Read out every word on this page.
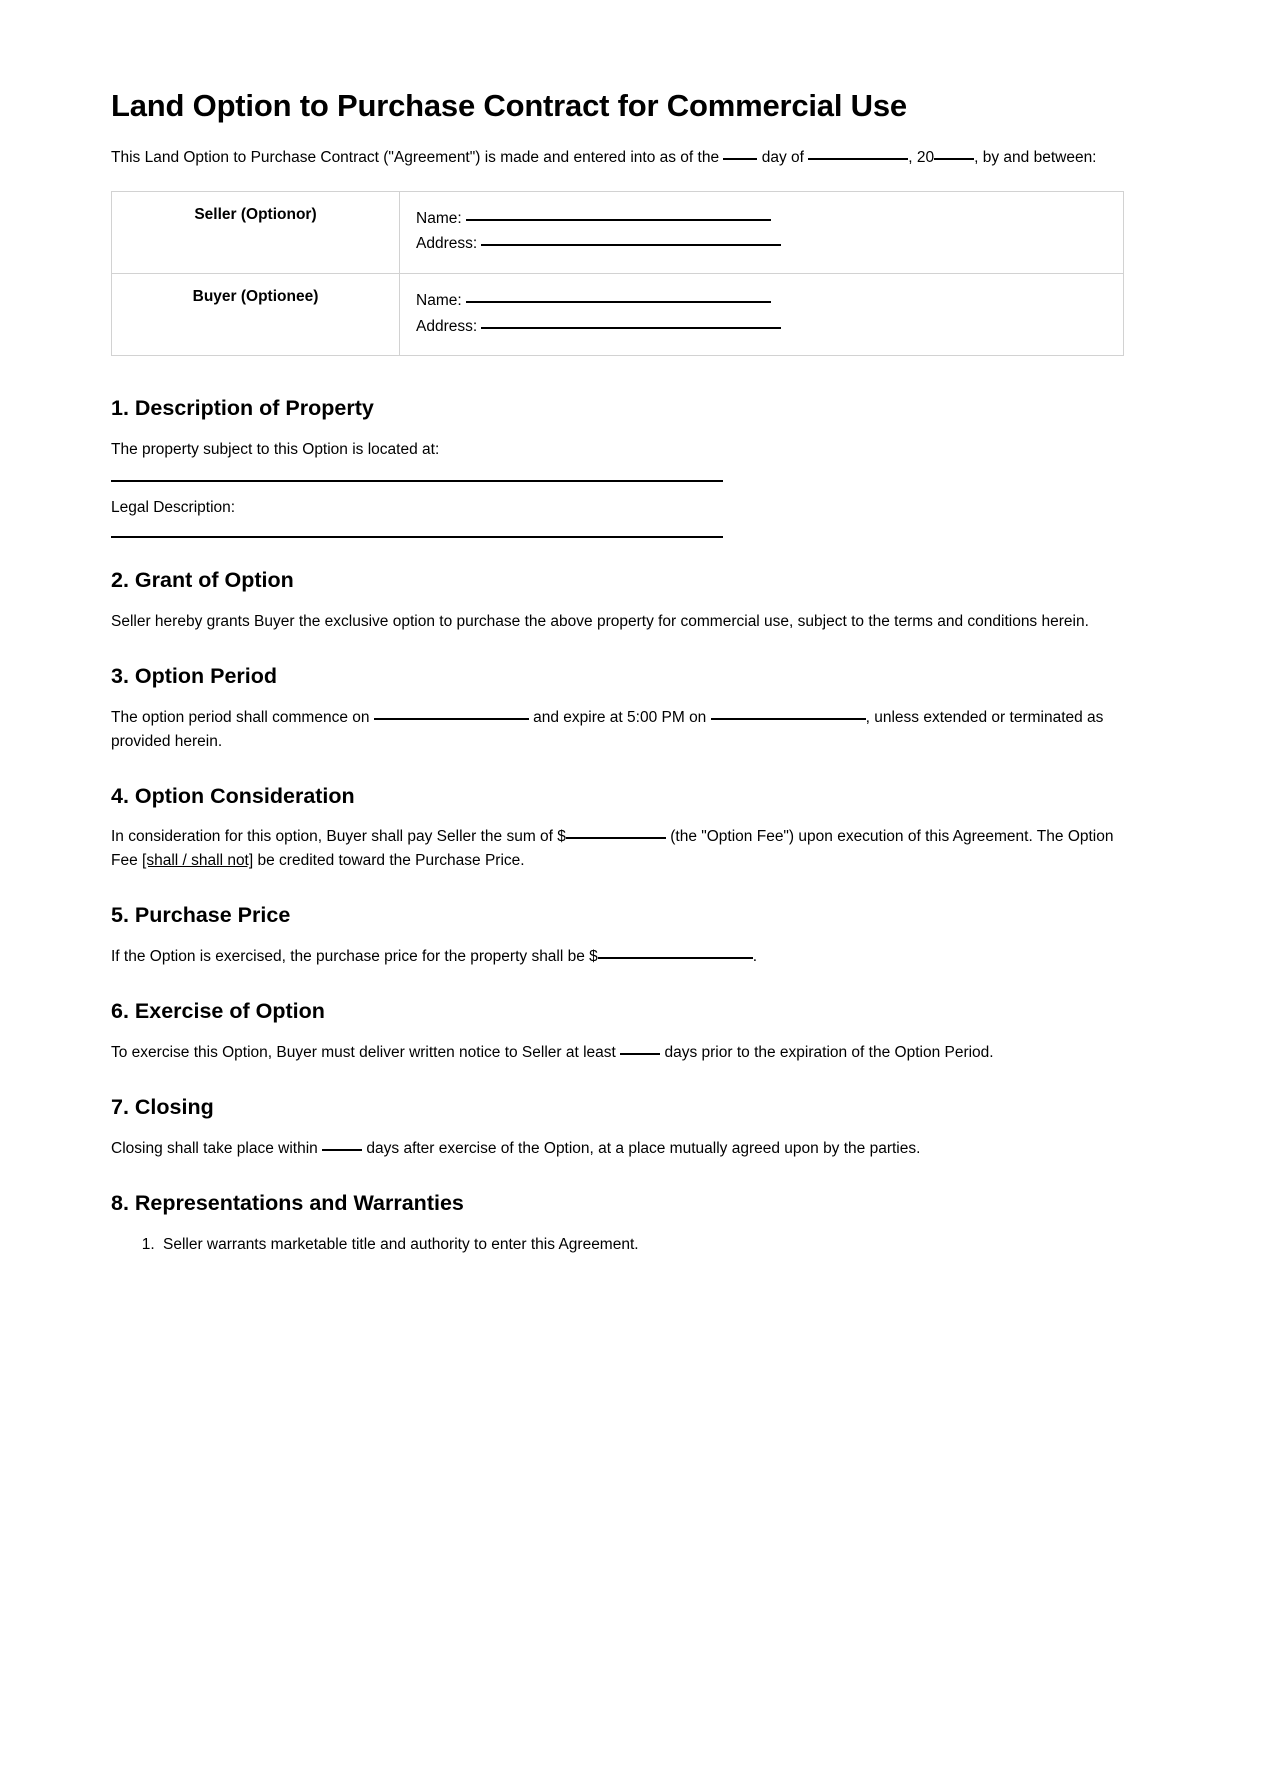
Land Option to Purchase Contract for Commercial Use

This Land Option to Purchase Contract ("Agreement") is made and entered into as of the	day of	, 20	, by and between:

Seller (Optionor)	Name:
Address:

Buyer (Optionee)	Name:
Address:
1. Description of Property

The property subject to this Option is located at:

Legal Description:

2. Grant of Option

Seller hereby grants Buyer the exclusive option to purchase the above property for commercial use, subject to the terms and conditions herein.

3. Option Period

The option period shall commence on	and expire at 5:00 PM on	, unless extended or terminated as provided herein.

4. Option Consideration

In consideration for this option, Buyer shall pay Seller the sum of $	(the "Option Fee") upon execution of this Agreement. The Option Fee [shall / shall not] be credited toward the Purchase Price.

5. Purchase Price

If the Option is exercised, the purchase price for the property shall be $	.

6. Exercise of Option

To exercise this Option, Buyer must deliver written notice to Seller at least	days prior to the expiration of the Option Period.

7. Closing

Closing shall take place within	days after exercise of the Option, at a place mutually agreed upon by the parties.

8. Representations and Warranties
1. Seller warrants marketable title and authority to enter this Agreement.
